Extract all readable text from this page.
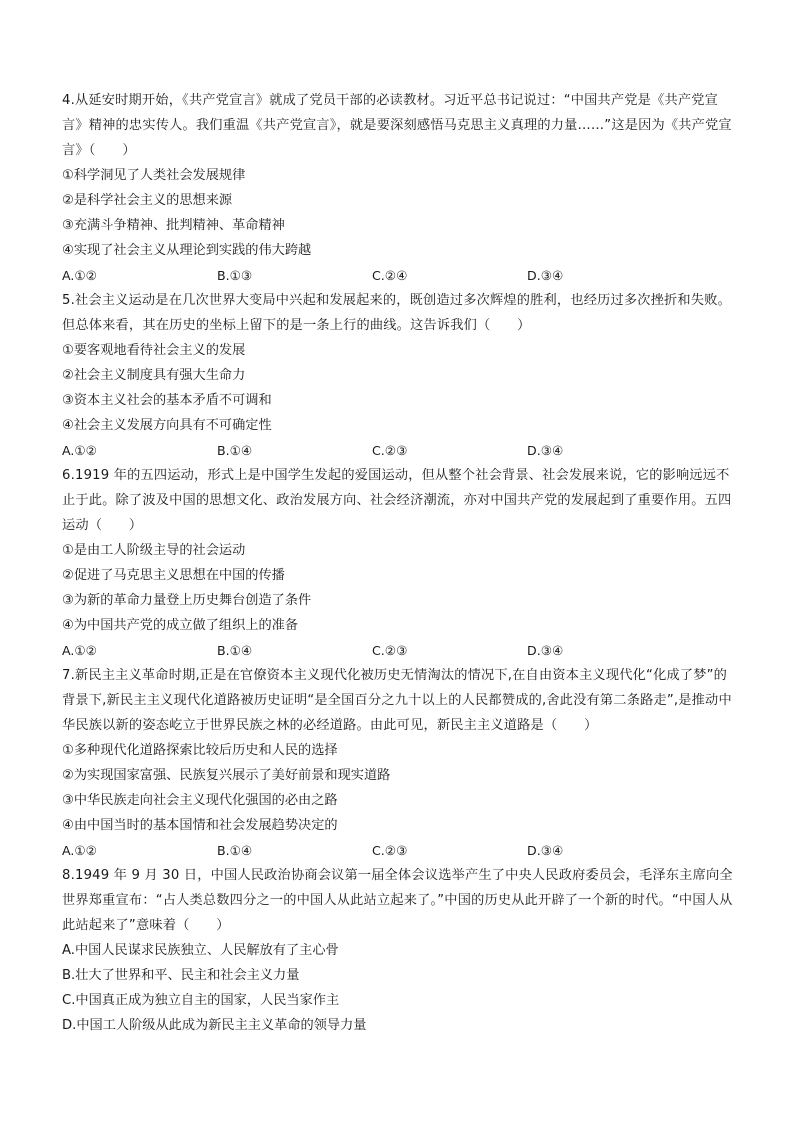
4.从延安时期开始，《共产党宣言》就成了党员干部的必读教材。习近平总书记说过：“中国共产党是《共产党宣言》精神的忠实传人。我们重温《共产党宣言》，就是要深刻感悟马克思主义真理的力量……”这是因为《共产党宣言》（　　）

①科学洞见了人类社会发展规律

②是科学社会主义的思想来源

③充满斗争精神、批判精神、革命精神

④实现了社会主义从理论到实践的伟大跨越

A.①②	B.①③	C.②④	D.③④

5.社会主义运动是在几次世界大变局中兴起和发展起来的，既创造过多次辉煌的胜利，也经历过多次挫折和失败。但总体来看，其在历史的坐标上留下的是一条上行的曲线。这告诉我们（　　）

①要客观地看待社会主义的发展

②社会主义制度具有强大生命力

③资本主义社会的基本矛盾不可调和

④社会主义发展方向具有不可确定性

A.①②	B.①④	C.②③	D.③④

6.1919 年的五四运动，形式上是中国学生发起的爱国运动，但从整个社会背景、社会发展来说，它的影响远远不止于此。除了波及中国的思想文化、政治发展方向、社会经济潮流，亦对中国共产党的发展起到了重要作用。五四运动（　　）

①是由工人阶级主导的社会运动

②促进了马克思主义思想在中国的传播

③为新的革命力量登上历史舞台创造了条件

④为中国共产党的成立做了组织上的准备

A.①②	B.①④	C.②③	D.③④

7.新民主主义革命时期,正是在官僚资本主义现代化被历史无情淘汰的情况下,在自由资本主义现代化“化成了梦”的背景下,新民主主义现代化道路被历史证明“是全国百分之九十以上的人民都赞成的,舍此没有第二条路走”,是推动中华民族以新的姿态屹立于世界民族之林的必经道路。由此可见，新民主主义道路是（　　）

①多种现代化道路探索比较后历史和人民的选择

②为实现国家富强、民族复兴展示了美好前景和现实道路

③中华民族走向社会主义现代化强国的必由之路

④由中国当时的基本国情和社会发展趋势决定的

A.①②	B.①④	C.②③	D.③④

8.1949 年 9 月 30 日，中国人民政治协商会议第一届全体会议选举产生了中央人民政府委员会，毛泽东主席向全世界郑重宣布：“占人类总数四分之一的中国人从此站立起来了。”中国的历史从此开辟了一个新的时代。“中国人从此站起来了”意味着（　　）

A.中国人民谋求民族独立、人民解放有了主心骨

B.壮大了世界和平、民主和社会主义力量

C.中国真正成为独立自主的国家，人民当家作主

D.中国工人阶级从此成为新民主主义革命的领导力量
